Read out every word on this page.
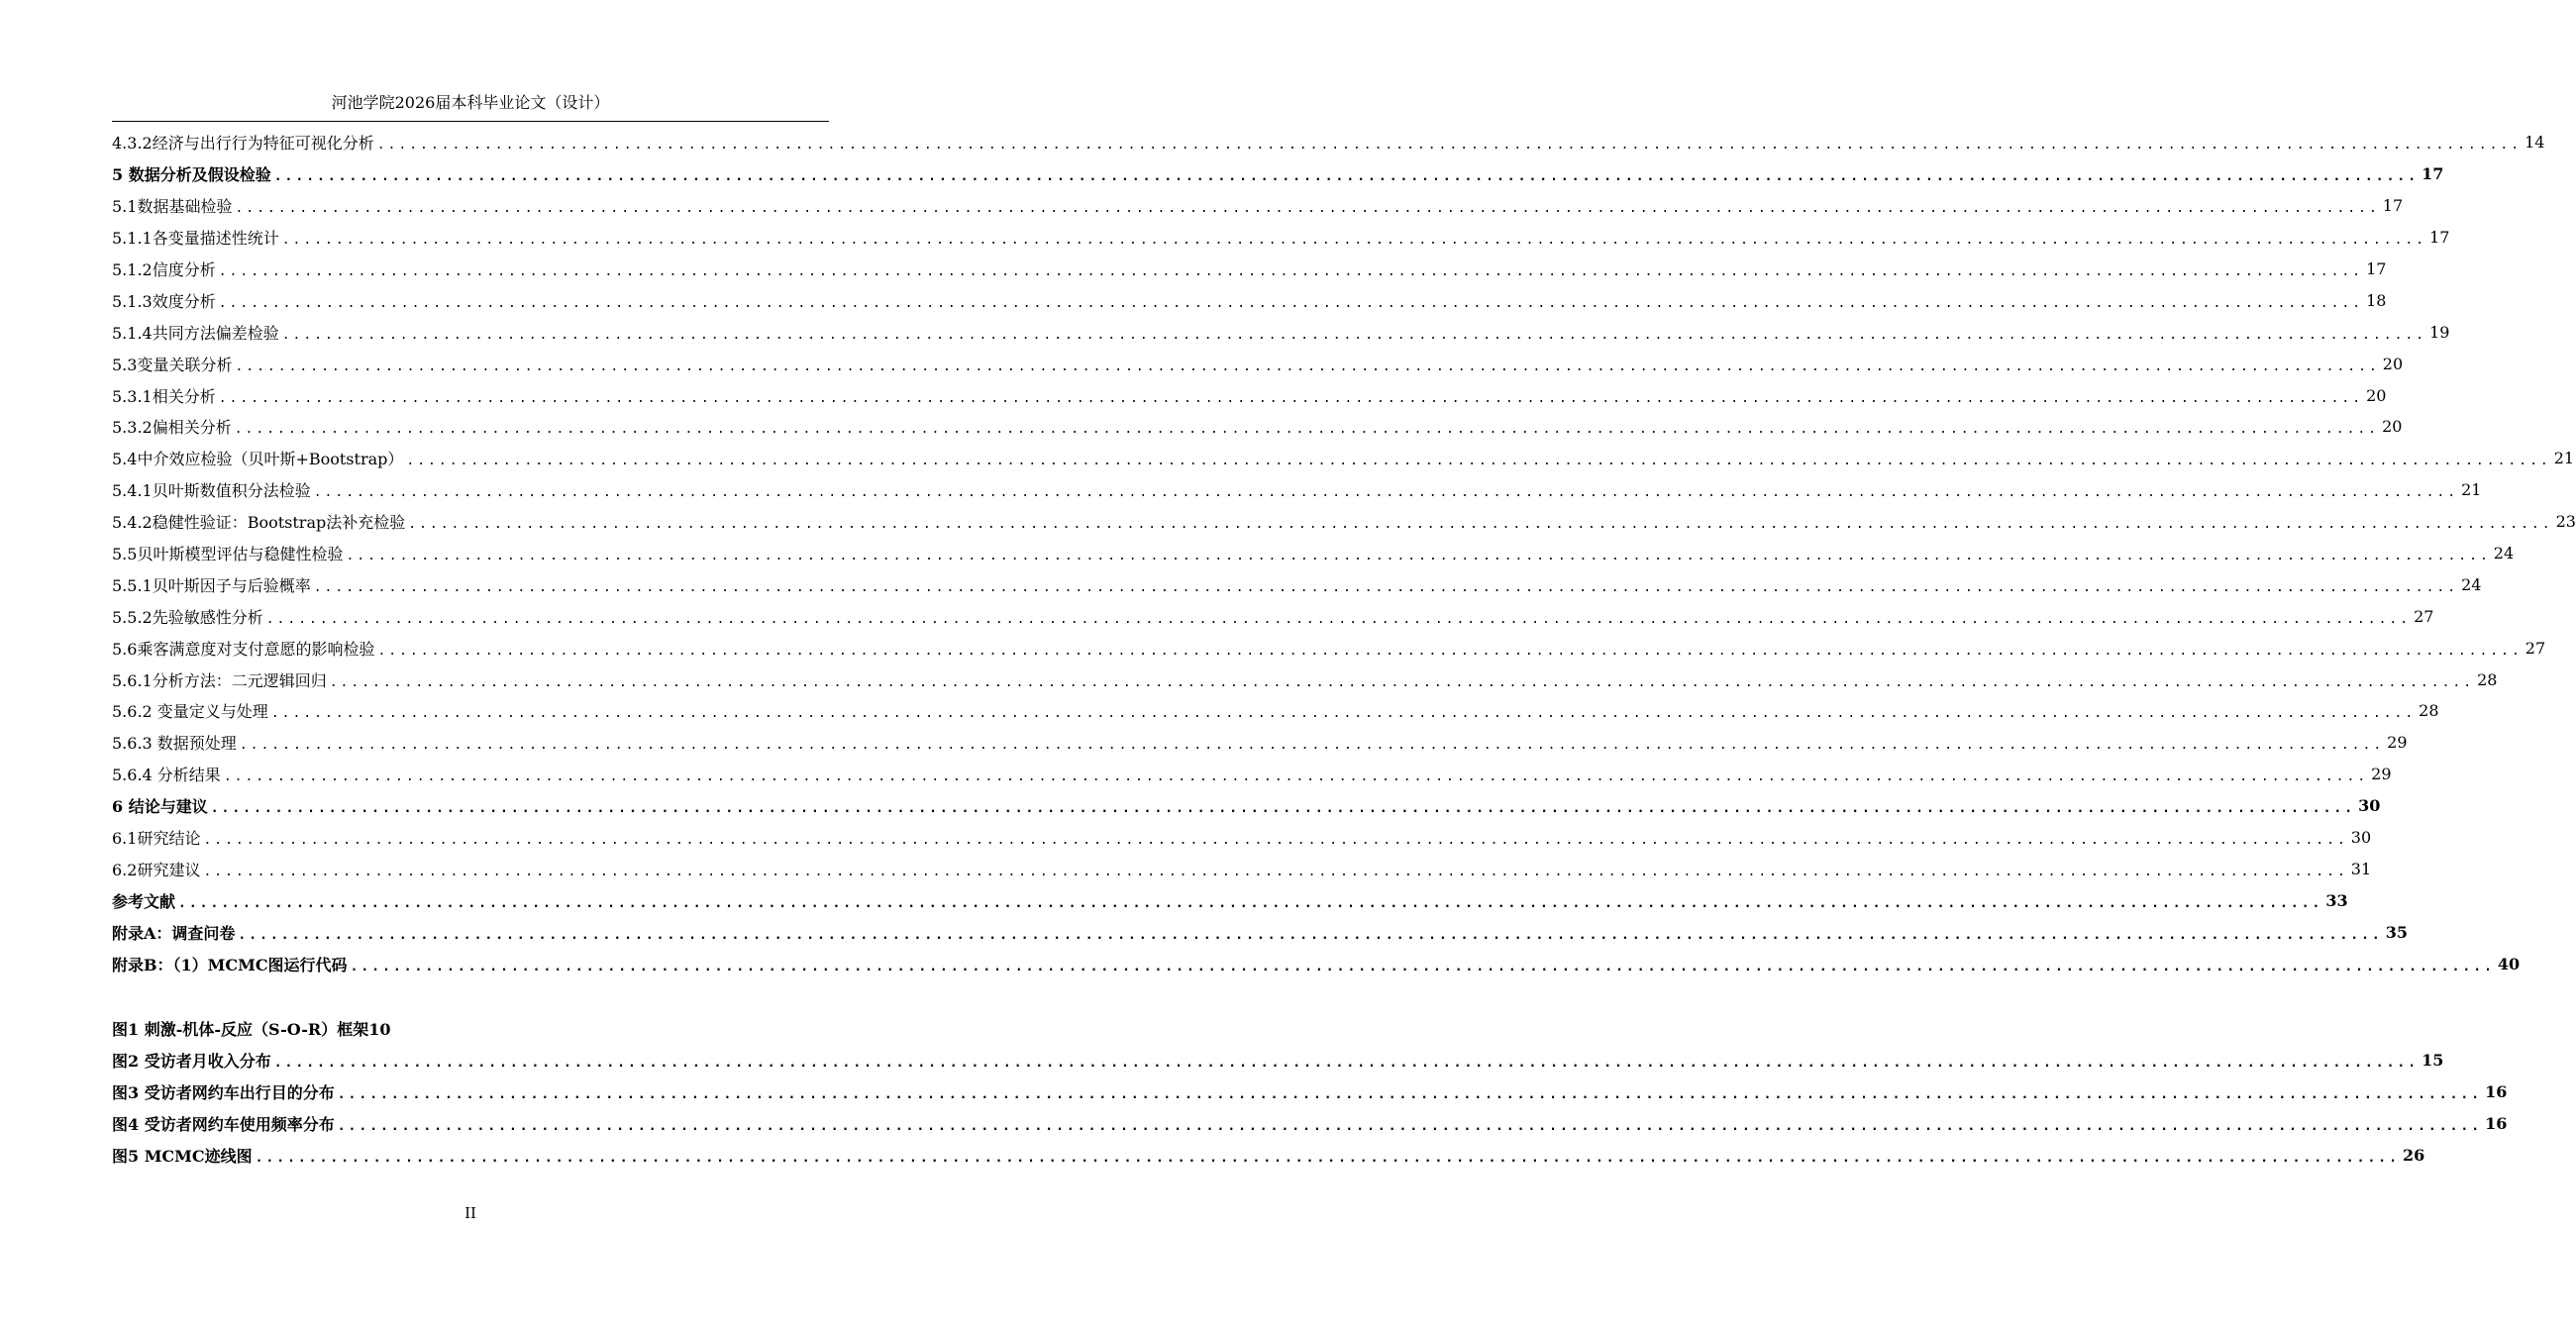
河池学院2026届本科毕业论文（设计）
4.3.2经济与出行行为特征可视化分析 ........................................................................................................................................................................................................ 14
5 数据分析及假设检验 ........................................................................................................................................................................................................ 17
5.1数据基础检验 ........................................................................................................................................................................................................ 17
5.1.1各变量描述性统计 ........................................................................................................................................................................................................ 17
5.1.2信度分析 ........................................................................................................................................................................................................ 17
5.1.3效度分析 ........................................................................................................................................................................................................ 18
5.1.4共同方法偏差检验 ........................................................................................................................................................................................................ 19
5.3变量关联分析 ........................................................................................................................................................................................................ 20
5.3.1相关分析 ........................................................................................................................................................................................................ 20
5.3.2偏相关分析 ........................................................................................................................................................................................................ 20
5.4中介效应检验（贝叶斯+Bootstrap） ........................................................................................................................................................................................................ 21
5.4.1贝叶斯数值积分法检验 ........................................................................................................................................................................................................ 21
5.4.2稳健性验证：Bootstrap法补充检验 ........................................................................................................................................................................................................ 23
5.5贝叶斯模型评估与稳健性检验 ........................................................................................................................................................................................................ 24
5.5.1贝叶斯因子与后验概率 ........................................................................................................................................................................................................ 24
5.5.2先验敏感性分析 ........................................................................................................................................................................................................ 27
5.6乘客满意度对支付意愿的影响检验 ........................................................................................................................................................................................................ 27
5.6.1分析方法：二元逻辑回归 ........................................................................................................................................................................................................ 28
5.6.2 变量定义与处理 ........................................................................................................................................................................................................ 28
5.6.3 数据预处理 ........................................................................................................................................................................................................ 29
5.6.4 分析结果 ........................................................................................................................................................................................................ 29
6 结论与建议 ........................................................................................................................................................................................................ 30
6.1研究结论 ........................................................................................................................................................................................................ 30
6.2研究建议 ........................................................................................................................................................................................................ 31
参考文献 ........................................................................................................................................................................................................ 33
附录A：调查问卷 ........................................................................................................................................................................................................ 35
附录B：（1）MCMC图运行代码 ........................................................................................................................................................................................................ 40
图1 刺激-机体-反应（S-O-R）框架10
图2 受访者月收入分布 ........................................................................................................................................................................................................ 15
图3 受访者网约车出行目的分布 ........................................................................................................................................................................................................ 16
图4 受访者网约车使用频率分布 ........................................................................................................................................................................................................ 16
图5 MCMC迹线图 ........................................................................................................................................................................................................ 26
II
